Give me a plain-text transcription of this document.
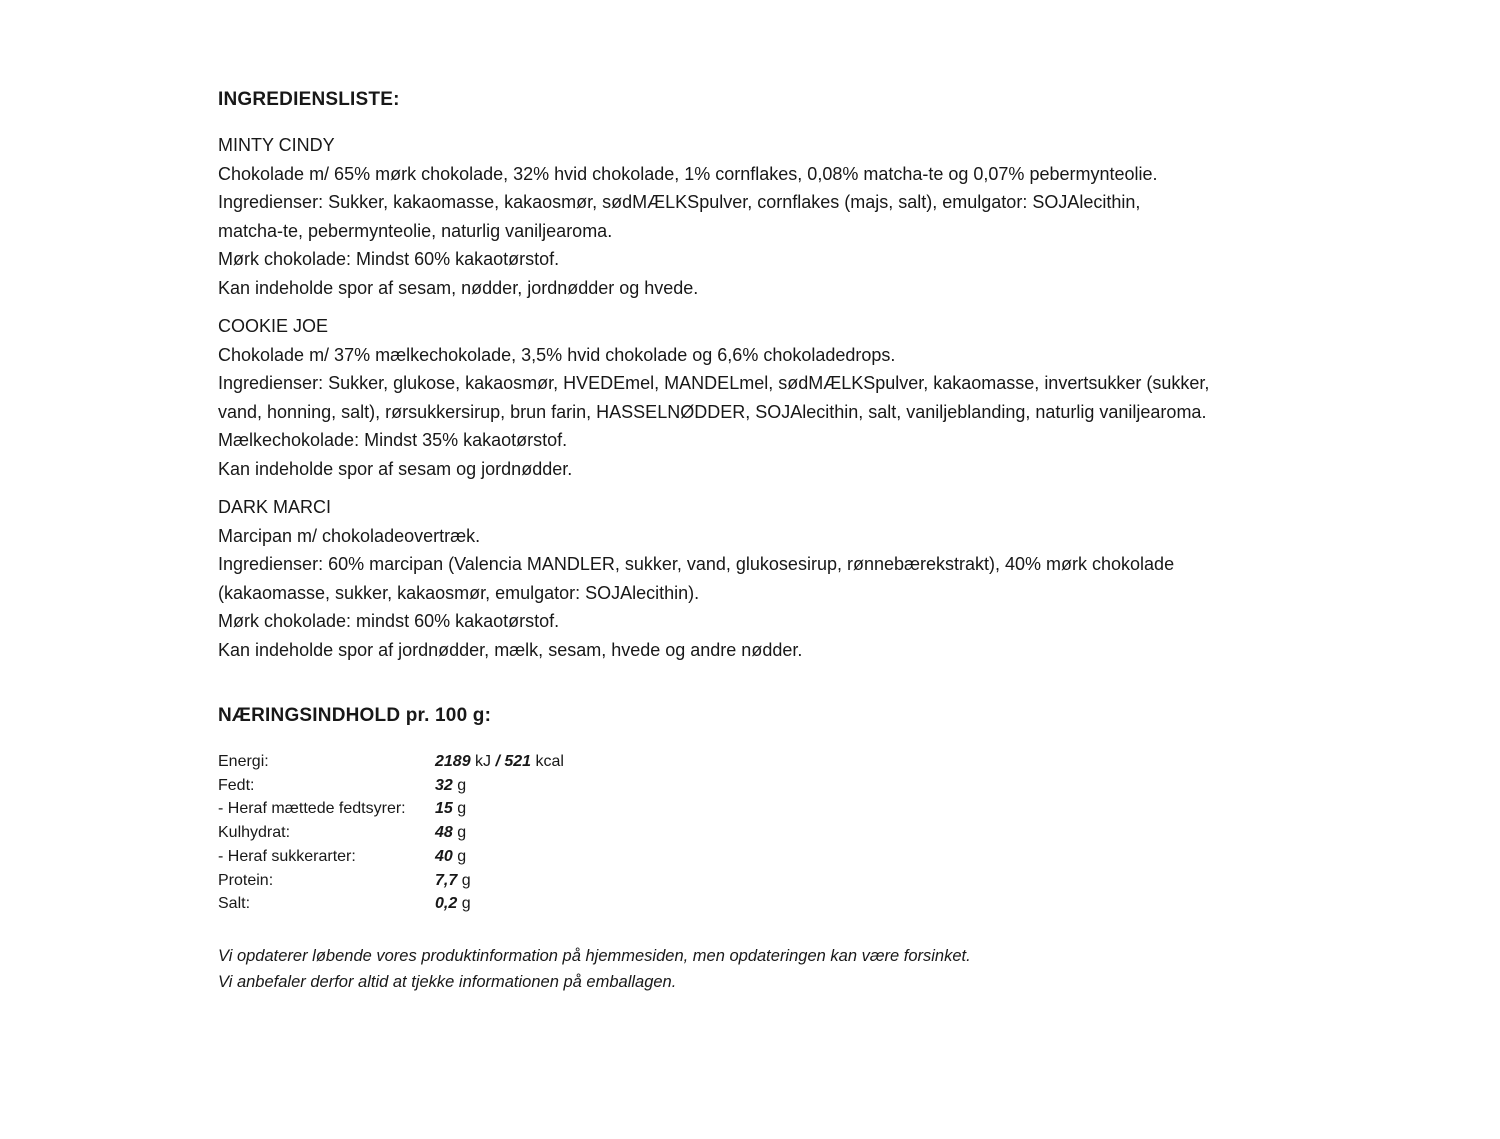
INGREDIENSLISTE:
MINTY CINDY
Chokolade m/ 65% mørk chokolade, 32% hvid chokolade, 1% cornflakes, 0,08% matcha-te og 0,07% pebermynteolie.
Ingredienser: Sukker, kakaomasse, kakaosmør, sødMÆLKSpulver, cornflakes (majs, salt), emulgator: SOJAlecithin,
matcha-te, pebermynteolie, naturlig vaniljearoma.
Mørk chokolade: Mindst 60% kakaotørstof.
Kan indeholde spor af sesam, nødder, jordnødder og hvede.
COOKIE JOE
Chokolade m/ 37% mælkechokolade, 3,5% hvid chokolade og 6,6% chokoladedrops.
Ingredienser: Sukker, glukose, kakaosmør, HVEDEmel, MANDELmel, sødMÆLKSpulver, kakaomasse, invertsukker (sukker,
vand, honning, salt), rørsukkersirup, brun farin, HASSELNØDDER, SOJAlecithin, salt, vaniljeblanding, naturlig vaniljearoma.
Mælkechokolade: Mindst 35% kakaotørstof.
Kan indeholde spor af sesam og jordnødder.
DARK MARCI
Marcipan m/ chokoladeovertræk.
Ingredienser: 60% marcipan (Valencia MANDLER, sukker, vand, glukosesirup, rønnebærekstrakt), 40% mørk chokolade
(kakaomasse, sukker, kakaosmør, emulgator: SOJAlecithin).
Mørk chokolade: mindst 60% kakaotørstof.
Kan indeholde spor af jordnødder, mælk, sesam, hvede og andre nødder.
NÆRINGSINDHOLD pr. 100 g:
Energi:	2189 kJ / 521 kcal
Fedt:	32 g
- Heraf mættede fedtsyrer: 15 g
Kulhydrat:	48 g
- Heraf sukkerarter:	40 g
Protein:	7,7 g
Salt:	0,2 g
Vi opdaterer løbende vores produktinformation på hjemmesiden, men opdateringen kan være forsinket.
Vi anbefaler derfor altid at tjekke informationen på emballagen.
